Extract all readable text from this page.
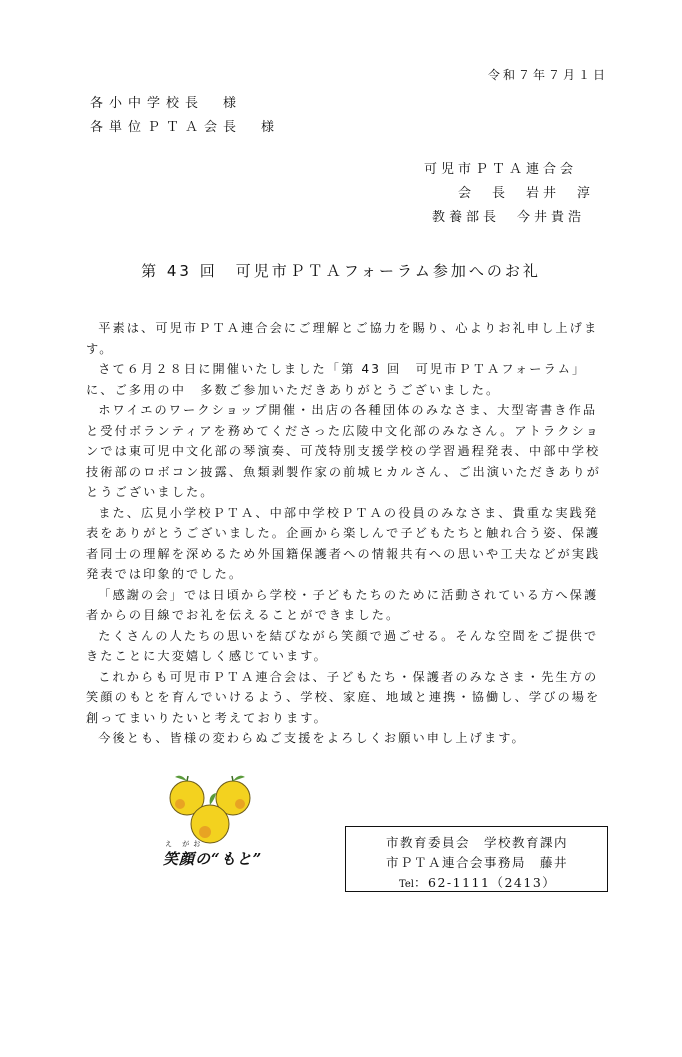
令和７年７月１日
各小中学校長　様
各単位ＰＴＡ会長　様
可児市ＰＴＡ連合会
会　長　岩井　淳
教養部長　今井貴浩
第 43 回　可児市ＰＴＡフォーラム参加へのお礼

平素は、可児市ＰＴＡ連合会にご理解とご協力を賜り、心よりお礼申し上げます。

さて６月２８日に開催いたしました「第 43 回　可児市ＰＴＡフォーラム」に、ご多用の中　多数ご参加いただきありがとうございました。

ホワイエのワークショップ開催・出店の各種団体のみなさま、大型寄書き作品と受付ボランティアを務めてくださった広陵中文化部のみなさん。アトラクションでは東可児中文化部の琴演奏、可茂特別支援学校の学習過程発表、中部中学校技術部のロボコン披露、魚類剥製作家の前城ヒカルさん、ご出演いただきありがとうございました。

また、広見小学校ＰＴＡ、中部中学校ＰＴＡの役員のみなさま、貴重な実践発表をありがとうございました。企画から楽しんで子どもたちと触れ合う姿、保護者同士の理解を深めるため外国籍保護者への情報共有への思いや工夫などが実践発表では印象的でした。

「感謝の会」では日頃から学校・子どもたちのために活動されている方へ保護者からの目線でお礼を伝えることができました。

たくさんの人たちの思いを結びながら笑顔で過ごせる。そんな空間をご提供できたことに大変嬉しく感じています。

これからも可児市ＰＴＡ連合会は、子どもたち・保護者のみなさま・先生方の笑顔のもとを育んでいけるよう、学校、家庭、地域と連携・協働し、学びの場を創ってまいりたいと考えております。

今後とも、皆様の変わらぬご支援をよろしくお願い申し上げます。

え がお
笑顔の“もと”
市教育委員会　学校教育課内
市ＰＴＡ連合会事務局　藤井
Tel：62-1111（2413）
